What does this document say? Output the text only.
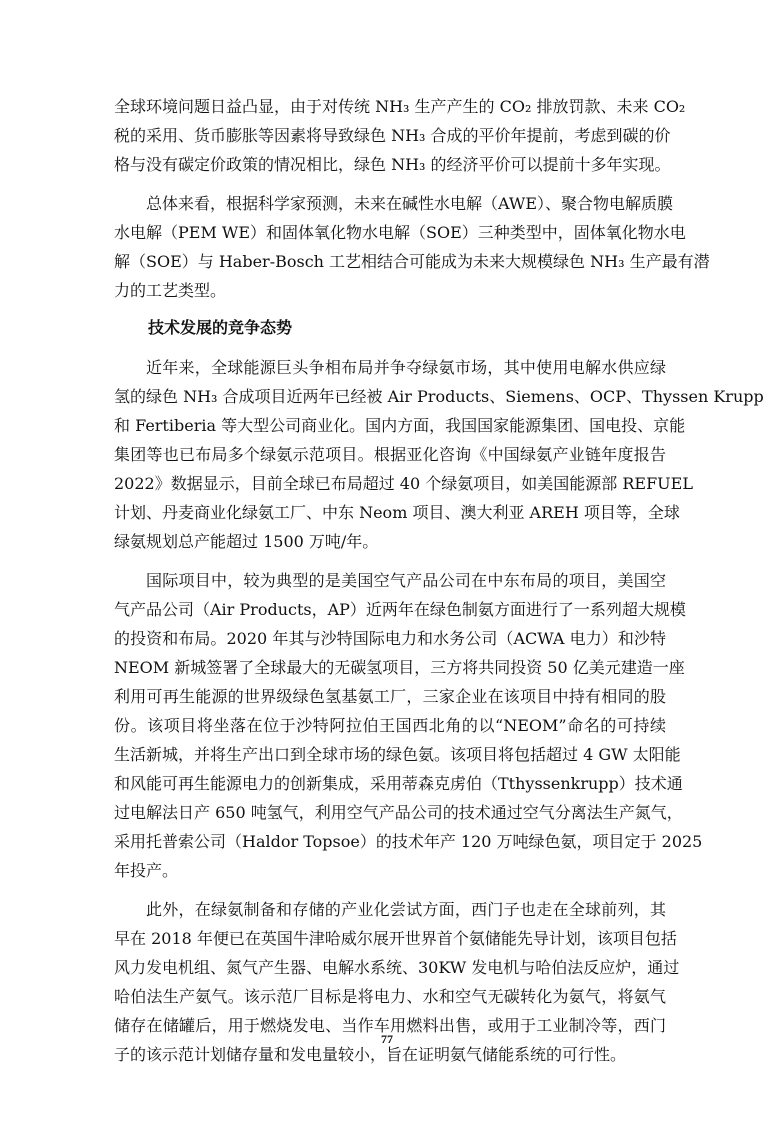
全球环境问题日益凸显，由于对传统 NH₃ 生产产生的 CO₂ 排放罚款、未来 CO₂
税的采用、货币膨胀等因素将导致绿色 NH₃ 合成的平价年提前，考虑到碳的价
格与没有碳定价政策的情况相比，绿色 NH₃ 的经济平价可以提前十多年实现。

总体来看，根据科学家预测，未来在碱性水电解（AWE）、聚合物电解质膜
水电解（PEM WE）和固体氧化物水电解（SOE）三种类型中，固体氧化物水电
解（SOE）与 Haber-Bosch 工艺相结合可能成为未来大规模绿色 NH₃ 生产最有潜
力的工艺类型。

技术发展的竞争态势

近年来，全球能源巨头争相布局并争夺绿氨市场，其中使用电解水供应绿
氢的绿色 NH₃ 合成项目近两年已经被 Air Products、Siemens、OCP、Thyssen Krupp
和 Fertiberia 等大型公司商业化。国内方面，我国国家能源集团、国电投、京能
集团等也已布局多个绿氨示范项目。根据亚化咨询《中国绿氨产业链年度报告
2022》数据显示，目前全球已布局超过 40 个绿氨项目，如美国能源部 REFUEL
计划、丹麦商业化绿氨工厂、中东 Neom 项目、澳大利亚 AREH 项目等，全球
绿氨规划总产能超过 1500 万吨/年。

国际项目中，较为典型的是美国空气产品公司在中东布局的项目，美国空
气产品公司（Air Products，AP）近两年在绿色制氨方面进行了一系列超大规模
的投资和布局。2020 年其与沙特国际电力和水务公司（ACWA 电力）和沙特
NEOM 新城签署了全球最大的无碳氢项目，三方将共同投资 50 亿美元建造一座
利用可再生能源的世界级绿色氢基氨工厂，三家企业在该项目中持有相同的股
份。该项目将坐落在位于沙特阿拉伯王国西北角的以“NEOM”命名的可持续
生活新城，并将生产出口到全球市场的绿色氨。该项目将包括超过 4 GW 太阳能
和风能可再生能源电力的创新集成，采用蒂森克虏伯（Tthyssenkrupp）技术通
过电解法日产 650 吨氢气，利用空气产品公司的技术通过空气分离法生产氮气，
采用托普索公司（Haldor Topsoe）的技术年产 120 万吨绿色氨，项目定于 2025
年投产。

此外，在绿氨制备和存储的产业化尝试方面，西门子也走在全球前列，其
早在 2018 年便已在英国牛津哈威尔展开世界首个氨储能先导计划，该项目包括
风力发电机组、氮气产生器、电解水系统、30KW 发电机与哈伯法反应炉，通过
哈伯法生产氨气。该示范厂目标是将电力、水和空气无碳转化为氨气，将氨气
储存在储罐后，用于燃烧发电、当作车用燃料出售，或用于工业制冷等，西门
子的该示范计划储存量和发电量较小，旨在证明氨气储能系统的可行性。

77
